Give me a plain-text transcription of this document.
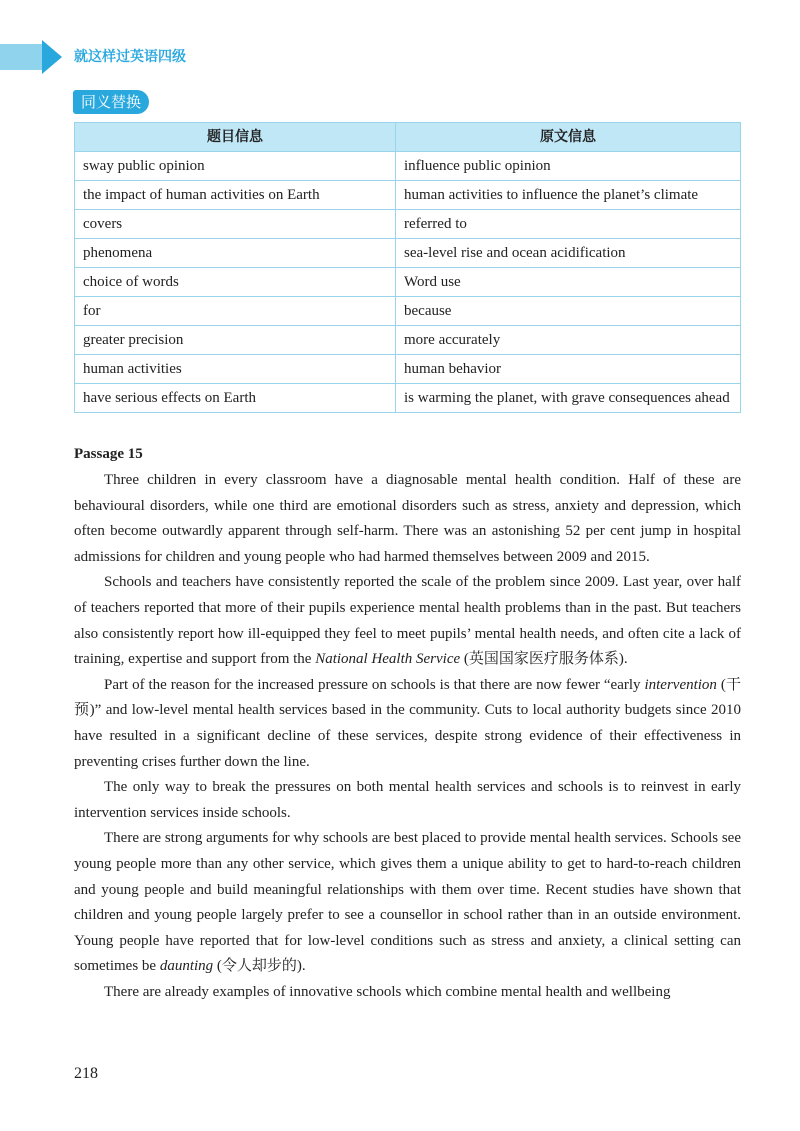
就这样过英语四级
同义替换
题目信息	原文信息
sway public opinion	influence public opinion
the impact of human activities on Earth	human activities to influence the planet’s climate
covers	referred to
phenomena	sea-level rise and ocean acidification
choice of words	Word use
for	because
greater precision	more accurately
human activities	human behavior
have serious effects on Earth	is warming the planet, with grave consequences ahead
Passage 15

Three children in every classroom have a diagnosable mental health condition. Half of these are behavioural disorders, while one third are emotional disorders such as stress, anxiety and depression, which often become outwardly apparent through self-harm. There was an astonishing 52 per cent jump in hospital admissions for children and young people who had harmed themselves between 2009 and 2015.

Schools and teachers have consistently reported the scale of the problem since 2009. Last year, over half of teachers reported that more of their pupils experience mental health problems than in the past. But teachers also consistently report how ill-equipped they feel to meet pupils’ mental health needs, and often cite a lack of training, expertise and support from the National Health Service (英国国家医疗服务体系).

Part of the reason for the increased pressure on schools is that there are now fewer “early intervention (干预)” and low-level mental health services based in the community. Cuts to local authority budgets since 2010 have resulted in a significant decline of these services, despite strong evidence of their effectiveness in preventing crises further down the line.

The only way to break the pressures on both mental health services and schools is to reinvest in early intervention services inside schools.

There are strong arguments for why schools are best placed to provide mental health services. Schools see young people more than any other service, which gives them a unique ability to get to hard-to-reach children and young people and build meaningful relationships with them over time. Recent studies have shown that children and young people largely prefer to see a counsellor in school rather than in an outside environment. Young people have reported that for low-level conditions such as stress and anxiety, a clinical setting can sometimes be daunting (令人却步的).

There are already examples of innovative schools which combine mental health and wellbeing

218
